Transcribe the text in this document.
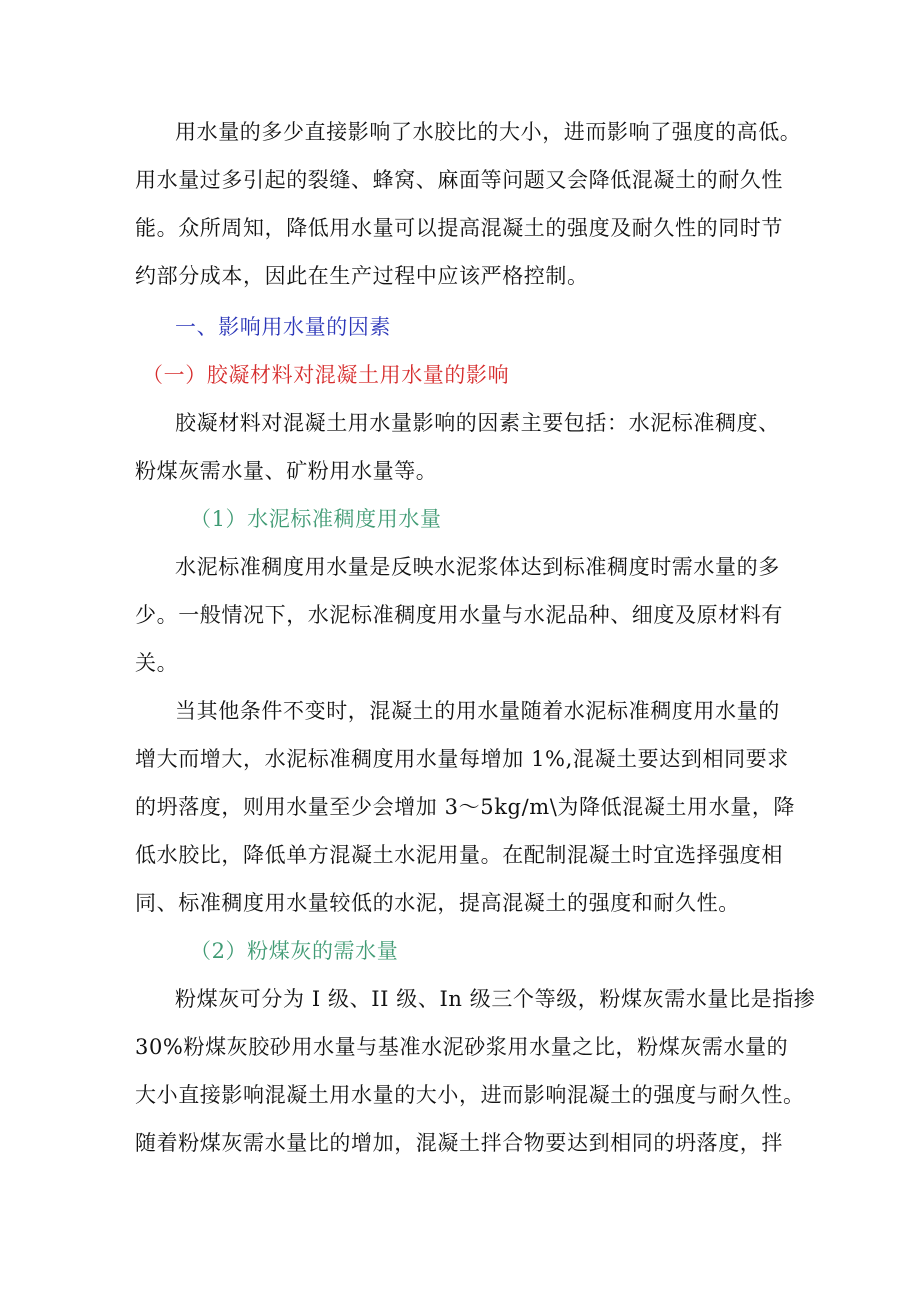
用水量的多少直接影响了水胶比的大小，进而影响了强度的高低。
用水量过多引起的裂缝、蜂窝、麻面等问题又会降低混凝土的耐久性
能。众所周知，降低用水量可以提高混凝土的强度及耐久性的同时节
约部分成本，因此在生产过程中应该严格控制。
一、影响用水量的因素
（一）胶凝材料对混凝土用水量的影响
胶凝材料对混凝土用水量影响的因素主要包括：水泥标准稠度、
粉煤灰需水量、矿粉用水量等。
（1）水泥标准稠度用水量
水泥标准稠度用水量是反映水泥浆体达到标准稠度时需水量的多
少。一般情况下，水泥标准稠度用水量与水泥品种、细度及原材料有
关。
当其他条件不变时，混凝土的用水量随着水泥标准稠度用水量的
增大而增大，水泥标准稠度用水量每增加 1%,混凝土要达到相同要求
的坍落度，则用水量至少会增加 3～5kg∕m\为降低混凝土用水量，降
低水胶比，降低单方混凝土水泥用量。在配制混凝土时宜选择强度相
同、标准稠度用水量较低的水泥，提高混凝土的强度和耐久性。
（2）粉煤灰的需水量
粉煤灰可分为 I 级、II 级、In 级三个等级，粉煤灰需水量比是指掺
30%粉煤灰胶砂用水量与基准水泥砂浆用水量之比，粉煤灰需水量的
大小直接影响混凝土用水量的大小，进而影响混凝土的强度与耐久性。
随着粉煤灰需水量比的增加，混凝土拌合物要达到相同的坍落度，拌
